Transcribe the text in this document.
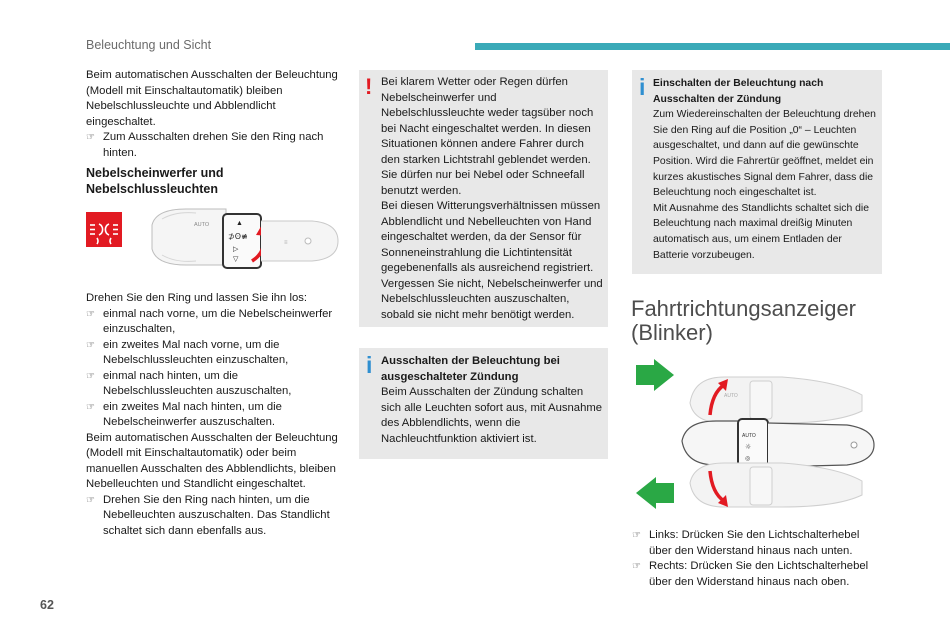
Beleuchtung und Sicht

Beim automatischen Ausschalten der Beleuchtung (Modell mit Einschaltautomatik) bleiben Nebelschlussleuchte und Abblendlicht eingeschaltet.

☞ Zum Ausschalten drehen Sie den Ring nach hinten.
Nebelscheinwerfer und Nebelschlussleuchten
AUTO	▲
⊅ʘ≢
▷
▽
≡

Drehen Sie den Ring und lassen Sie ihn los:

☞ einmal nach vorne, um die Nebelscheinwerfer einzuschalten,
☞ ein zweites Mal nach vorne, um die Nebelschlussleuchten einzuschalten,
☞ einmal nach hinten, um die Nebelschlussleuchten auszuschalten,
☞ ein zweites Mal nach hinten, um die Nebelscheinwerfer auszuschalten.

Beim automatischen Ausschalten der Beleuchtung (Modell mit Einschaltautomatik) oder beim manuellen Ausschalten des Abblendlichts, bleiben Nebelleuchten und Standlicht eingeschaltet.

☞ Drehen Sie den Ring nach hinten, um die Nebelleuchten auszuschalten. Das Standlicht schaltet sich dann ebenfalls aus.
! Bei klarem Wetter oder Regen dürfen Nebelscheinwerfer und Nebelschlussleuchte weder tagsüber noch bei Nacht eingeschaltet werden. In diesen Situationen können andere Fahrer durch den starken Lichtstrahl geblendet werden.

Sie dürfen nur bei Nebel oder Schneefall benutzt werden.

Bei diesen Witterungsverhältnissen müssen Abblendlicht und Nebelleuchten von Hand eingeschaltet werden, da der Sensor für Sonneneinstrahlung die Lichtintensität gegebenenfalls als ausreichend registriert.

Vergessen Sie nicht, Nebelscheinwerfer und Nebelschlussleuchten auszuschalten, sobald sie nicht mehr benötigt werden.

i Ausschalten der Beleuchtung bei ausgeschalteter Zündung

Beim Ausschalten der Zündung schalten sich alle Leuchten sofort aus, mit Ausnahme des Abblendlichts, wenn die Nachleuchtfunktion aktiviert ist.

i Einschalten der Beleuchtung nach Ausschalten der Zündung

Zum Wiedereinschalten der Beleuchtung drehen Sie den Ring auf die Position „0“ – Leuchten ausgeschaltet, und dann auf die gewünschte Position. Wird die Fahrertür geöffnet, meldet ein kurzes akustisches Signal dem Fahrer, dass die Beleuchtung noch eingeschaltet ist.

Mit Ausnahme des Standlichts schaltet sich die Beleuchtung nach maximal dreißig Minuten automatisch aus, um einem Entladen der Batterie vorzubeugen.

Fahrtrichtungsanzeiger
(Blinker)
AUTO
AUTO
☼
◎
☞ Links: Drücken Sie den Lichtschalterhebel über den Widerstand hinaus nach unten.
☞ Rechts: Drücken Sie den Lichtschalterhebel über den Widerstand hinaus nach oben.
62
